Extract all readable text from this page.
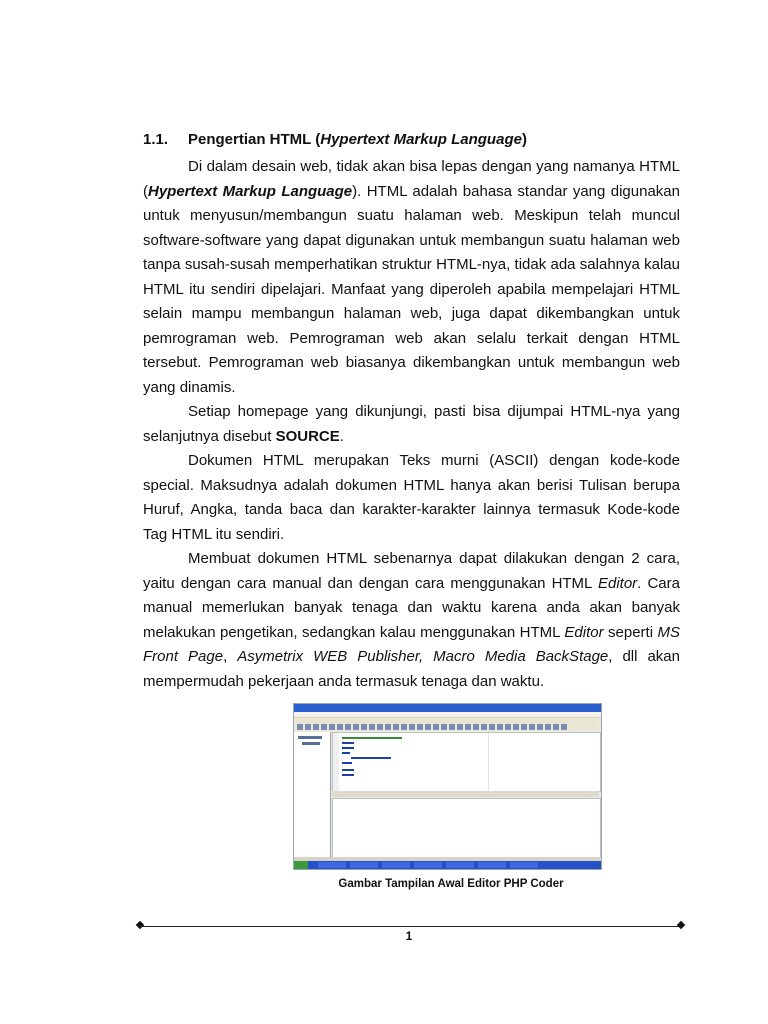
1.1. Pengertian HTML (Hypertext Markup Language)

Di dalam desain web, tidak akan bisa lepas dengan yang namanya HTML (Hypertext Markup Language). HTML adalah bahasa standar yang digunakan untuk menyusun/membangun suatu halaman web. Meskipun telah muncul software-software yang dapat digunakan untuk membangun suatu halaman web tanpa susah-susah memperhatikan struktur HTML-nya, tidak ada salahnya kalau HTML itu sendiri dipelajari. Manfaat yang diperoleh apabila mempelajari HTML selain mampu membangun halaman web, juga dapat dikembangkan untuk pemrograman web. Pemrograman web akan selalu terkait dengan HTML tersebut. Pemrograman web biasanya dikembangkan untuk membangun web yang dinamis.

Setiap homepage yang dikunjungi, pasti bisa dijumpai HTML-nya yang selanjutnya disebut SOURCE.

Dokumen HTML merupakan Teks murni (ASCII) dengan kode-kode special. Maksudnya adalah dokumen HTML hanya akan berisi Tulisan berupa Huruf, Angka, tanda baca dan karakter-karakter lainnya termasuk Kode-kode Tag HTML itu sendiri.

Membuat dokumen HTML sebenarnya dapat dilakukan dengan 2 cara, yaitu dengan cara manual dan dengan cara menggunakan HTML Editor. Cara manual memerlukan banyak tenaga dan waktu karena anda akan banyak melakukan pengetikan, sedangkan kalau menggunakan HTML Editor seperti MS Front Page, Asymetrix WEB Publisher, Macro Media BackStage, dll akan mempermudah pekerjaan anda termasuk tenaga dan waktu.

Gambar Tampilan Awal Editor PHP Coder
1
